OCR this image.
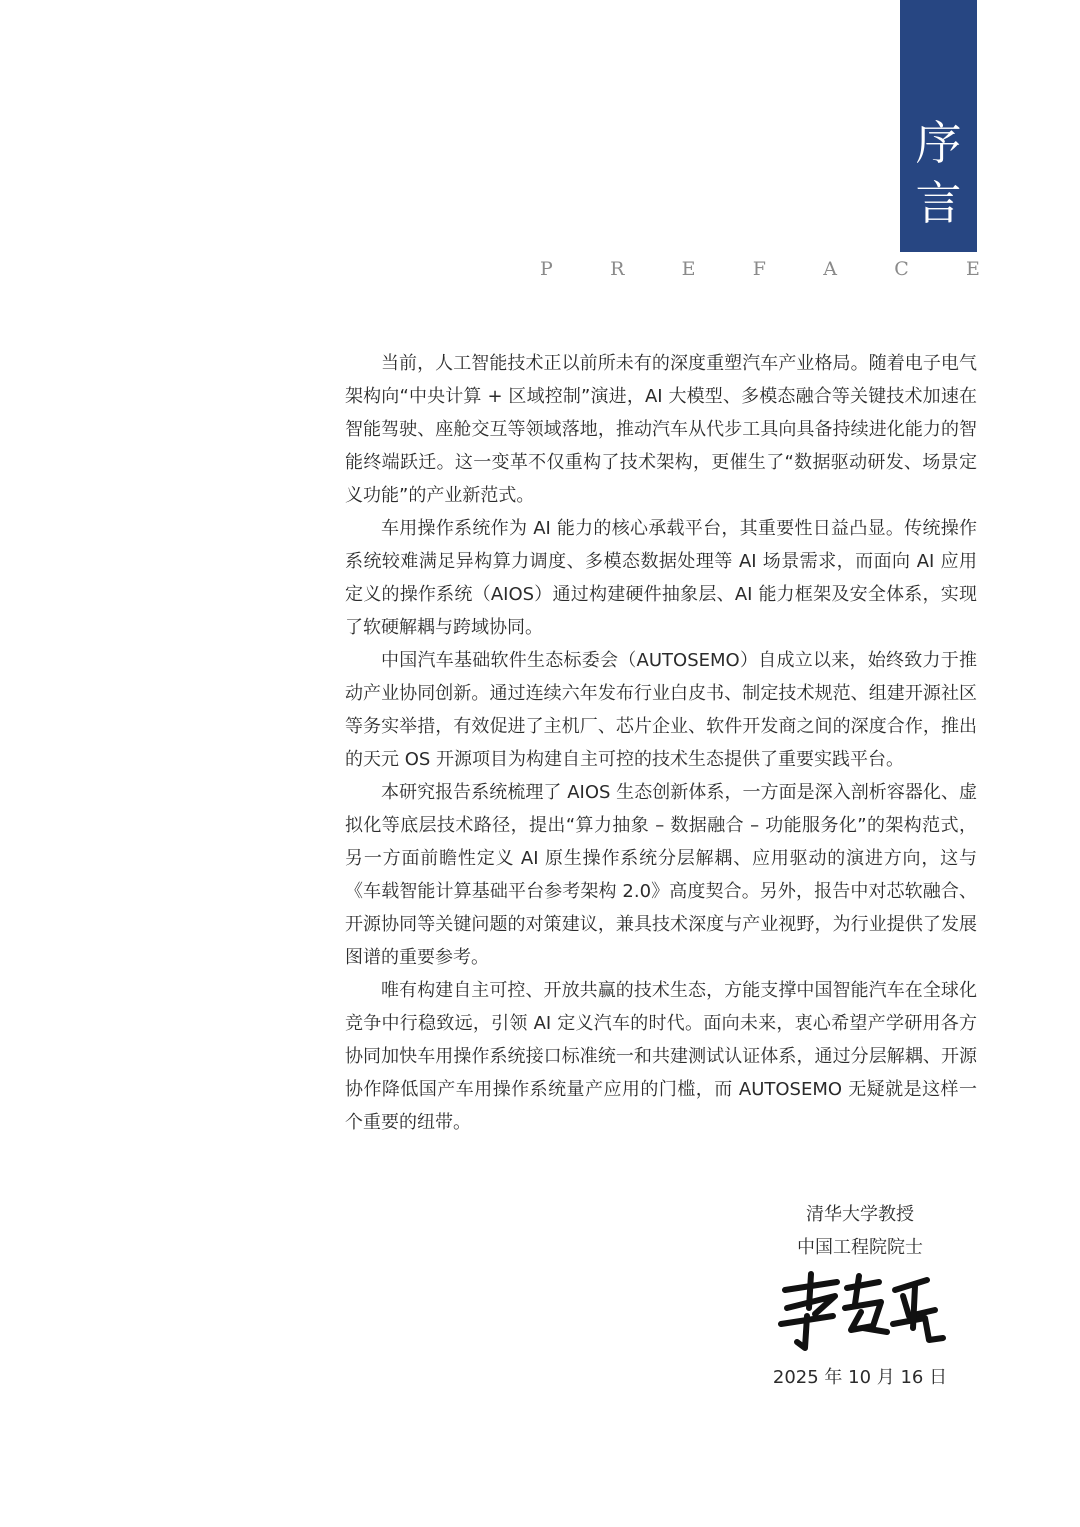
序
言
P	R	E	F	A	C	E

当前，人工智能技术正以前所未有的深度重塑汽车产业格局。随着电子电气架构向“中央计算 + 区域控制”演进，AI 大模型、多模态融合等关键技术加速在智能驾驶、座舱交互等领域落地，推动汽车从代步工具向具备持续进化能力的智能终端跃迁。这一变革不仅重构了技术架构，更催生了“数据驱动研发、场景定义功能”的产业新范式。

车用操作系统作为 AI 能力的核心承载平台，其重要性日益凸显。传统操作系统较难满足异构算力调度、多模态数据处理等 AI 场景需求，而面向 AI 应用定义的操作系统（AIOS）通过构建硬件抽象层、AI 能力框架及安全体系，实现了软硬解耦与跨域协同。

中国汽车基础软件生态标委会（AUTOSEMO）自成立以来，始终致力于推动产业协同创新。通过连续六年发布行业白皮书、制定技术规范、组建开源社区等务实举措，有效促进了主机厂、芯片企业、软件开发商之间的深度合作，推出的天元 OS 开源项目为构建自主可控的技术生态提供了重要实践平台。

本研究报告系统梳理了 AIOS 生态创新体系，一方面是深入剖析容器化、虚拟化等底层技术路径，提出“算力抽象 – 数据融合 – 功能服务化”的架构范式，另一方面前瞻性定义 AI 原生操作系统分层解耦、应用驱动的演进方向，这与《车载智能计算基础平台参考架构 2.0》高度契合。另外，报告中对芯软融合、开源协同等关键问题的对策建议，兼具技术深度与产业视野，为行业提供了发展图谱的重要参考。

唯有构建自主可控、开放共赢的技术生态，方能支撑中国智能汽车在全球化竞争中行稳致远，引领 AI 定义汽车的时代。面向未来，衷心希望产学研用各方协同加快车用操作系统接口标准统一和共建测试认证体系，通过分层解耦、开源协作降低国产车用操作系统量产应用的门槛，而 AUTOSEMO 无疑就是这样一个重要的纽带。

清华大学教授
中国工程院院士
2025 年 10 月 16 日
